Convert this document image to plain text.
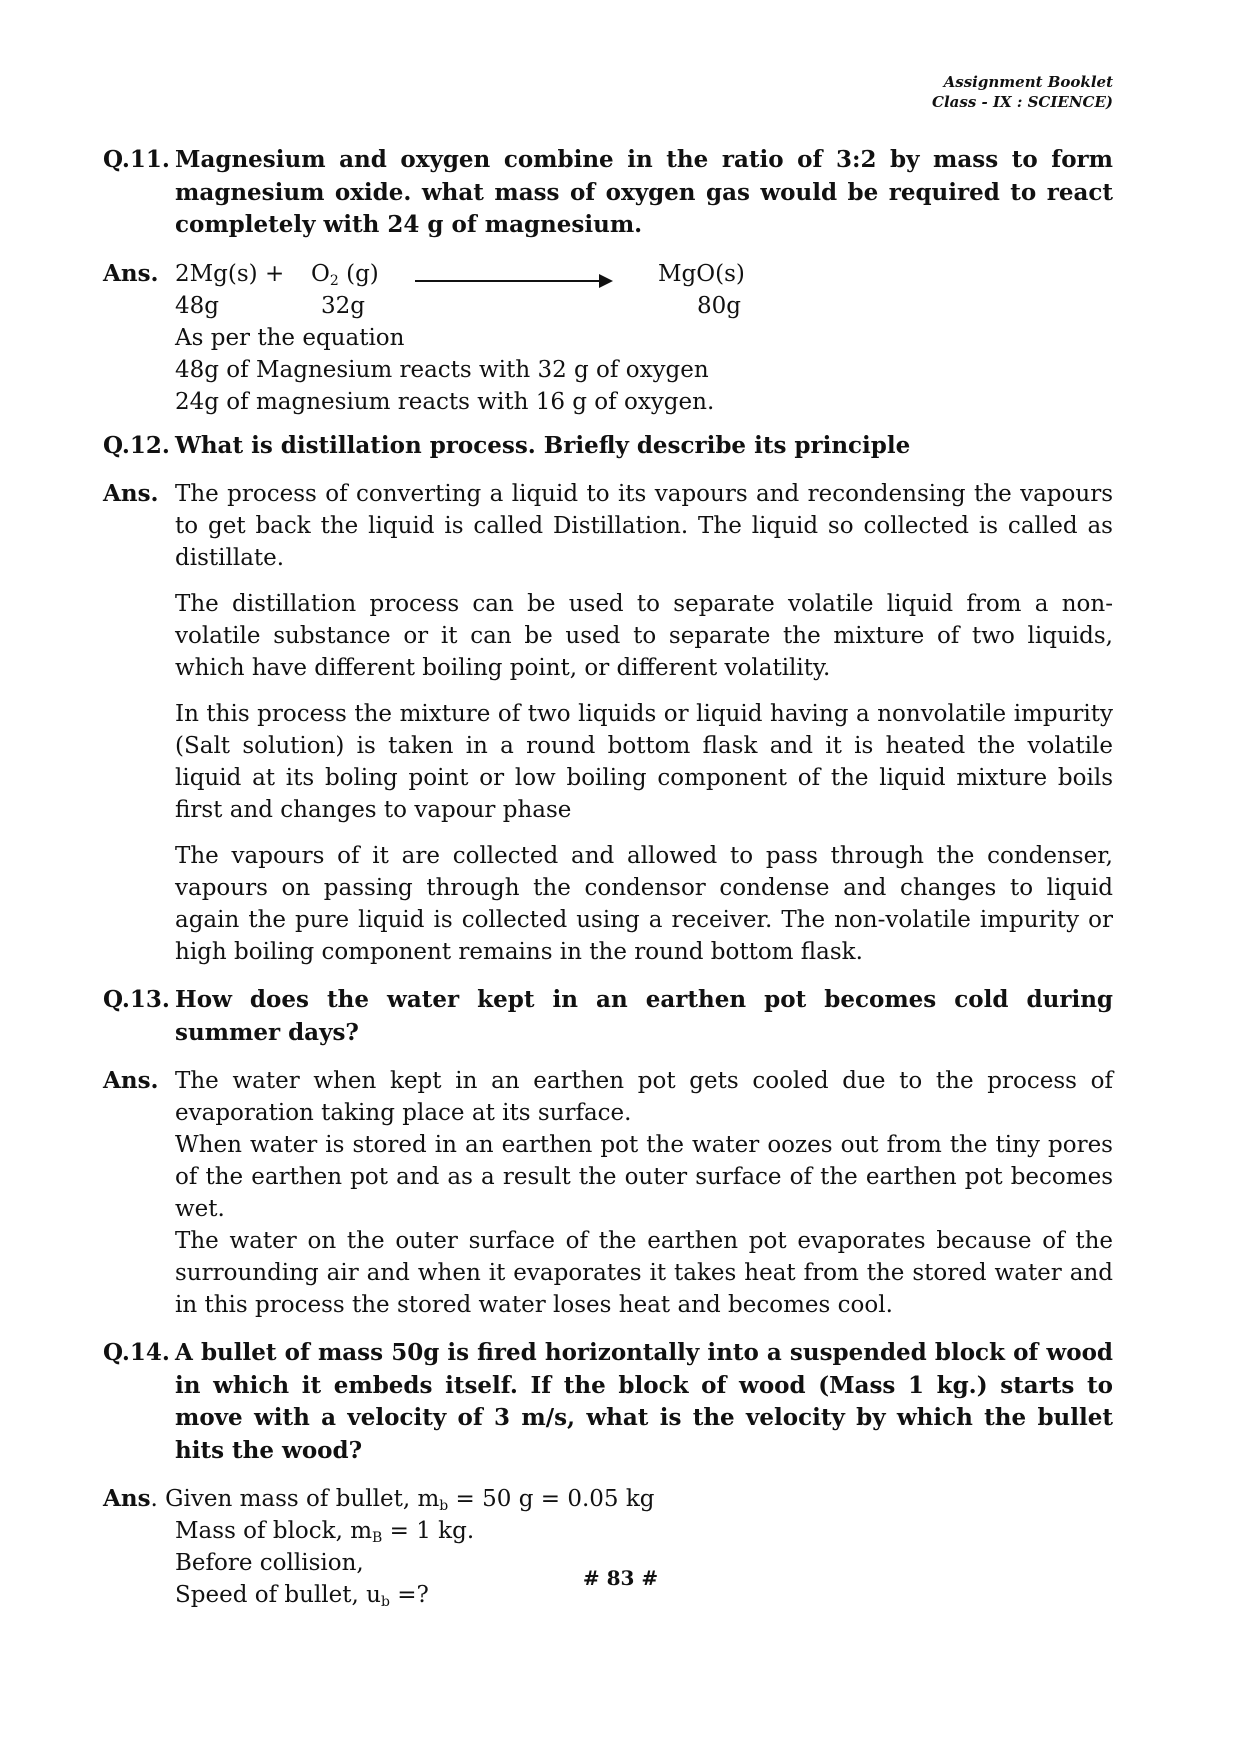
Assignment Booklet
Class - IX : SCIENCE)
Q.11. Magnesium and oxygen combine in the ratio of 3:2 by mass to form magnesium oxide. what mass of oxygen gas would be required to react completely with 24 g of magnesium.
Ans. $2Mg(s) + O_2$ (g)	MgO(s)
48g	32g	80g
As per the equation
48g of Magnesium reacts with 32 g of oxygen
24g of magnesium reacts with 16 g of oxygen.
Q.12. What is distillation process. Briefly describe its principle
Ans. The process of converting a liquid to its vapours and recondensing the vapours to get back the liquid is called Distillation. The liquid so collected is called as distillate.

The distillation process can be used to separate volatile liquid from a non-volatile substance or it can be used to separate the mixture of two liquids, which have different boiling point, or different volatility.

In this process the mixture of two liquids or liquid having a nonvolatile impurity (Salt solution) is taken in a round bottom flask and it is heated the volatile liquid at its boling point or low boiling component of the liquid mixture boils first and changes to vapour phase

The vapours of it are collected and allowed to pass through the condenser, vapours on passing through the condensor condense and changes to liquid again the pure liquid is collected using a receiver. The non-volatile impurity or high boiling component remains in the round bottom flask.

Q.13. How does the water kept in an earthen pot becomes cold during summer days?
Ans. The water when kept in an earthen pot gets cooled due to the process of evaporation taking place at its surface.
When water is stored in an earthen pot the water oozes out from the tiny pores of the earthen pot and as a result the outer surface of the earthen pot becomes wet.
The water on the outer surface of the earthen pot evaporates because of the surrounding air and when it evaporates it takes heat from the stored water and in this process the stored water loses heat and becomes cool.
Q.14. A bullet of mass 50g is fired horizontally into a suspended block of wood in which it embeds itself. If the block of wood (Mass 1 kg.) starts to move with a velocity of 3 m/s, what is the velocity by which the bullet hits the wood?
Ans. Given mass of bullet, $m_b = 50$ g = 0.05 kg
Mass of block, $m_B = 1$ kg.
Before collision,
Speed of bullet, $u_b$ =?
# 83 #
